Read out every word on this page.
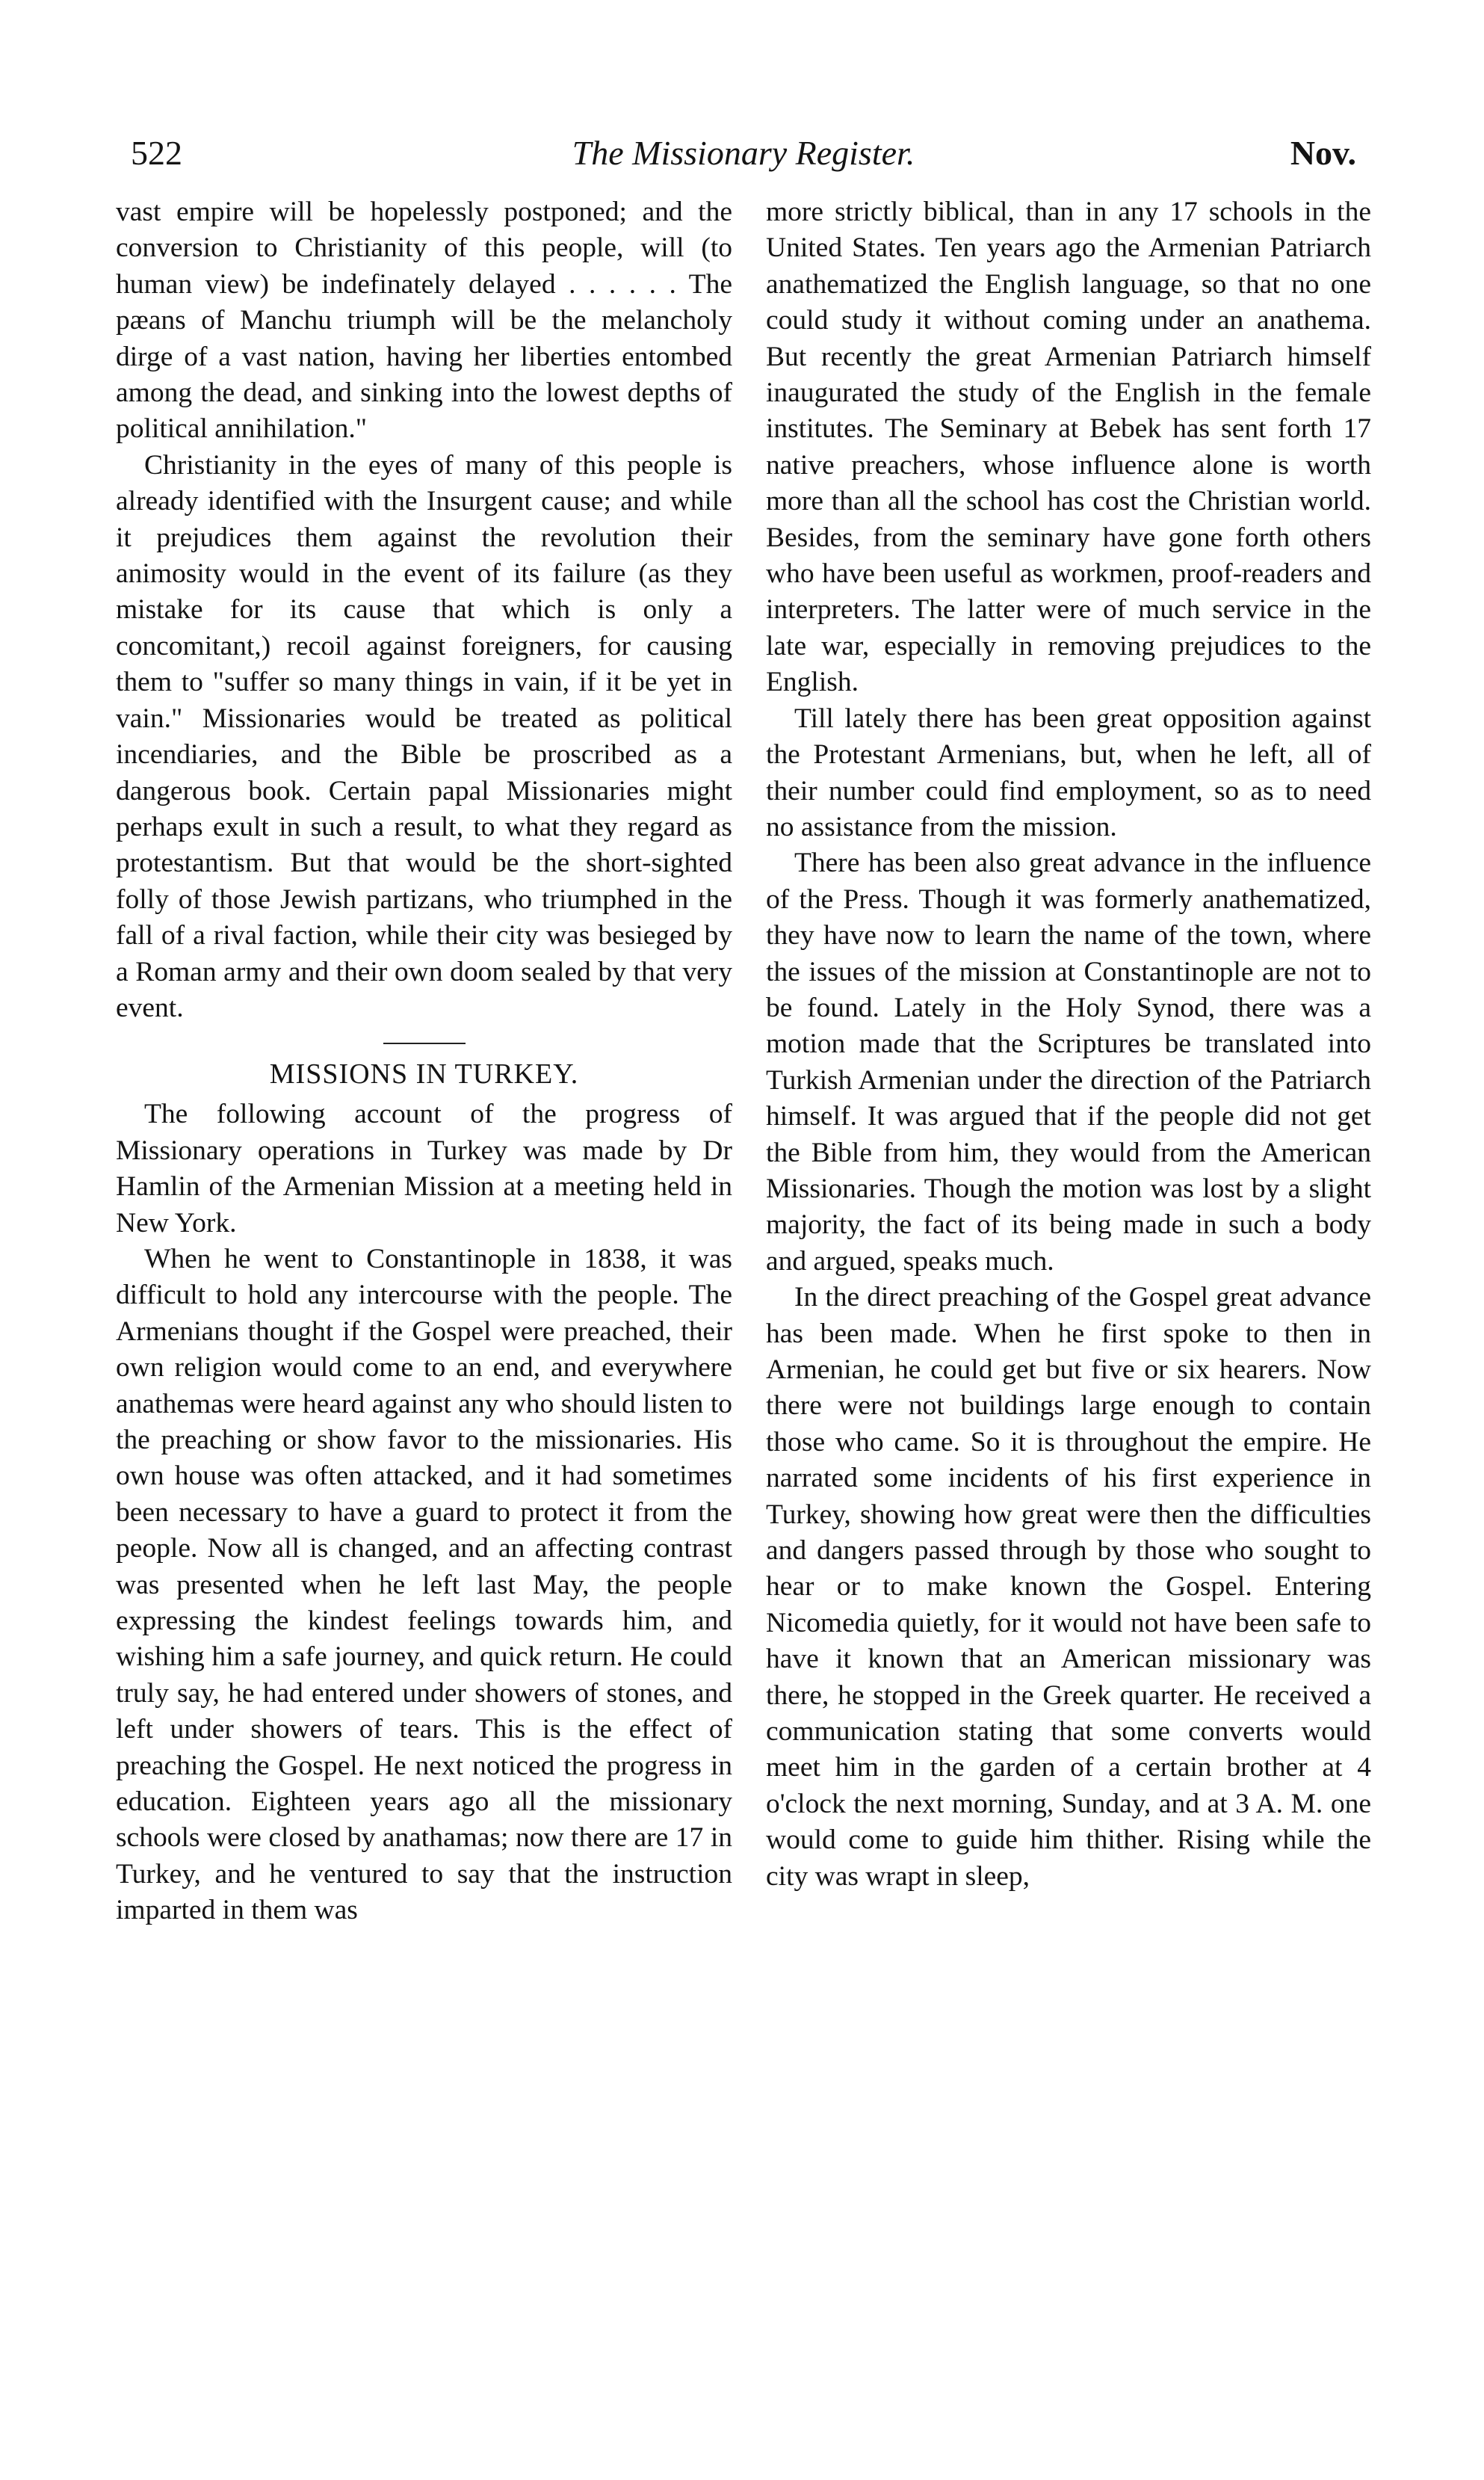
522	The Missionary Register.	Nov.

vast empire will be hopelessly postponed; and the conversion to Christianity of this people, will (to human view) be indefinately delayed . . . . . . The pæans of Manchu triumph will be the melancholy dirge of a vast nation, having her liberties entombed among the dead, and sinking into the lowest depths of political annihilation."

Christianity in the eyes of many of this people is already identified with the Insurgent cause; and while it prejudices them against the revolution their animosity would in the event of its failure (as they mistake for its cause that which is only a concomitant,) recoil against foreigners, for causing them to "suffer so many things in vain, if it be yet in vain." Missionaries would be treated as political incendiaries, and the Bible be proscribed as a dangerous book. Certain papal Missionaries might perhaps exult in such a result, to what they regard as protestantism. But that would be the short-sighted folly of those Jewish partizans, who triumphed in the fall of a rival faction, while their city was besieged by a Roman army and their own doom sealed by that very event.

MISSIONS IN TURKEY.

The following account of the progress of Missionary operations in Turkey was made by Dr Hamlin of the Armenian Mission at a meeting held in New York.

When he went to Constantinople in 1838, it was difficult to hold any intercourse with the people. The Armenians thought if the Gospel were preached, their own religion would come to an end, and everywhere anathemas were heard against any who should listen to the preaching or show favor to the missionaries. His own house was often attacked, and it had sometimes been necessary to have a guard to protect it from the people. Now all is changed, and an affecting contrast was presented when he left last May, the people expressing the kindest feelings towards him, and wishing him a safe journey, and quick return. He could truly say, he had entered under showers of stones, and left under showers of tears. This is the effect of preaching the Gospel. He next noticed the progress in education. Eighteen years ago all the missionary schools were closed by anathamas; now there are 17 in Turkey, and he ventured to say that the instruction imparted in them was

more strictly biblical, than in any 17 schools in the United States. Ten years ago the Armenian Patriarch anathematized the English language, so that no one could study it without coming under an anathema. But recently the great Armenian Patriarch himself inaugurated the study of the English in the female institutes. The Seminary at Bebek has sent forth 17 native preachers, whose influence alone is worth more than all the school has cost the Christian world. Besides, from the seminary have gone forth others who have been useful as workmen, proof-readers and interpreters. The latter were of much service in the late war, especially in removing prejudices to the English.

Till lately there has been great opposition against the Protestant Armenians, but, when he left, all of their number could find employment, so as to need no assistance from the mission.

There has been also great advance in the influence of the Press. Though it was formerly anathematized, they have now to learn the name of the town, where the issues of the mission at Constantinople are not to be found. Lately in the Holy Synod, there was a motion made that the Scriptures be translated into Turkish Armenian under the direction of the Patriarch himself. It was argued that if the people did not get the Bible from him, they would from the American Missionaries. Though the motion was lost by a slight majority, the fact of its being made in such a body and argued, speaks much.

In the direct preaching of the Gospel great advance has been made. When he first spoke to then in Armenian, he could get but five or six hearers. Now there were not buildings large enough to contain those who came. So it is throughout the empire. He narrated some incidents of his first experience in Turkey, showing how great were then the difficulties and dangers passed through by those who sought to hear or to make known the Gospel. Entering Nicomedia quietly, for it would not have been safe to have it known that an American missionary was there, he stopped in the Greek quarter. He received a communication stating that some converts would meet him in the garden of a certain brother at 4 o'clock the next morning, Sunday, and at 3 A. M. one would come to guide him thither. Rising while the city was wrapt in sleep,
